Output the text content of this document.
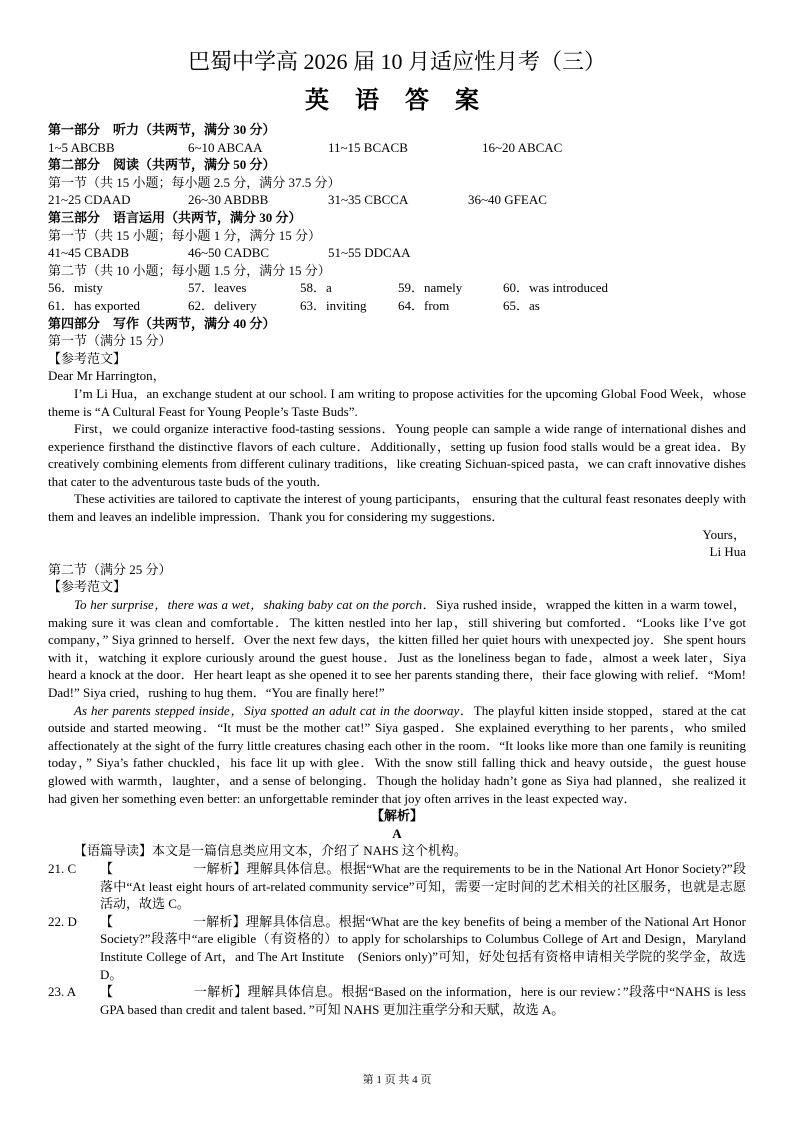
巴蜀中学高 2026 届 10 月适应性月考（三）
英 语 答 案
第一部分　听力（共两节，满分 30 分）
1~5 ABCBB	6~10 ABCAA	11~15 BCACB	16~20 ABCAC
第二部分　阅读（共两节，满分 50 分）
第一节（共 15 小题；每小题 2.5 分，满分 37.5 分）
21~25 CDAAD	26~30 ABDBB	31~35 CBCCA	36~40 GFEAC
第三部分　语言运用（共两节，满分 30 分）
第一节（共 15 小题；每小题 1 分，满分 15 分）
41~45 CBADB	46~50 CADBC	51~55 DDCAA
第二节（共 10 小题；每小题 1.5 分，满分 15 分）
56．misty	57．leaves	58．a	59．namely	60．was introduced
61．has exported	62．delivery	63．inviting 64．from	65．as
第四部分　写作（共两节，满分 40 分）
第一节（满分 15 分）
【参考范文】
Dear Mr Harrington，
I’m Li Hua，an exchange student at our school. I am writing to propose activities for the upcoming Global Food Week，whose theme is “A Cultural Feast for Young People’s Taste Buds”.
First，we could organize interactive food-tasting sessions．Young people can sample a wide range of international dishes and experience firsthand the distinctive flavors of each culture．Additionally，setting up fusion food stalls would be a great idea．By creatively combining elements from different culinary traditions，like creating Sichuan-spiced pasta，we can craft innovative dishes that cater to the adventurous taste buds of the youth．
These activities are tailored to captivate the interest of young participants， ensuring that the cultural feast resonates deeply with them and leaves an indelible impression．Thank you for considering my suggestions．
Yours，
Li Hua
第二节（满分 25 分）
【参考范文】
To her surprise，there was a wet，shaking baby cat on the porch．Siya rushed inside，wrapped the kitten in a warm towel，making sure it was clean and comfortable．The kitten nestled into her lap，still shivering but comforted．“Looks like I’ve got company，” Siya grinned to herself．Over the next few days，the kitten filled her quiet hours with unexpected joy．She spent hours with it，watching it explore curiously around the guest house．Just as the loneliness began to fade，almost a week later，Siya heard a knock at the door．Her heart leapt as she opened it to see her parents standing there，their face glowing with relief．“Mom! Dad!” Siya cried，rushing to hug them．“You are finally here!”
As her parents stepped inside，Siya spotted an adult cat in the doorway．The playful kitten inside stopped，stared at the cat outside and started meowing．“It must be the mother cat!” Siya gasped．She explained everything to her parents，who smiled affectionately at the sight of the furry little creatures chasing each other in the room．“It looks like more than one family is reuniting today，” Siya’s father chuckled，his face lit up with glee．With the snow still falling thick and heavy outside，the guest house glowed with warmth，laughter，and a sense of belonging．Though the holiday hadn’t gone as Siya had planned，she realized it had given her something even better: an unforgettable reminder that joy often arrives in the least expected way．
【解析】
A
【语篇导读】本文是一篇信息类应用文本，介绍了 NAHS 这个机构。
21. C 【　　　　　　一解析】理解具体信息。根据“What are the requirements to be in the National Art Honor Society?”段落中“At least eight hours of art-related community service”可知，需要一定时间的艺术相关的社区服务，也就是志愿活动，故选 C。
22. D 【　　　　　　一解析】理解具体信息。根据“What are the key benefits of being a member of the National Art Honor Society?”段落中“are eligible（有资格的）to apply for scholarships to Columbus College of Art and Design，Maryland Institute College of Art，and The Art Institute　(Seniors only)”可知，好处包括有资格申请相关学院的奖学金，故选 D。
23. A 【　　　　　　一解析】理解具体信息。根据“Based on the information，here is our review：”段落中“NAHS is less GPA based than credit and talent based．”可知 NAHS 更加注重学分和天赋，故选 A。
第 1 页 共 4 页
